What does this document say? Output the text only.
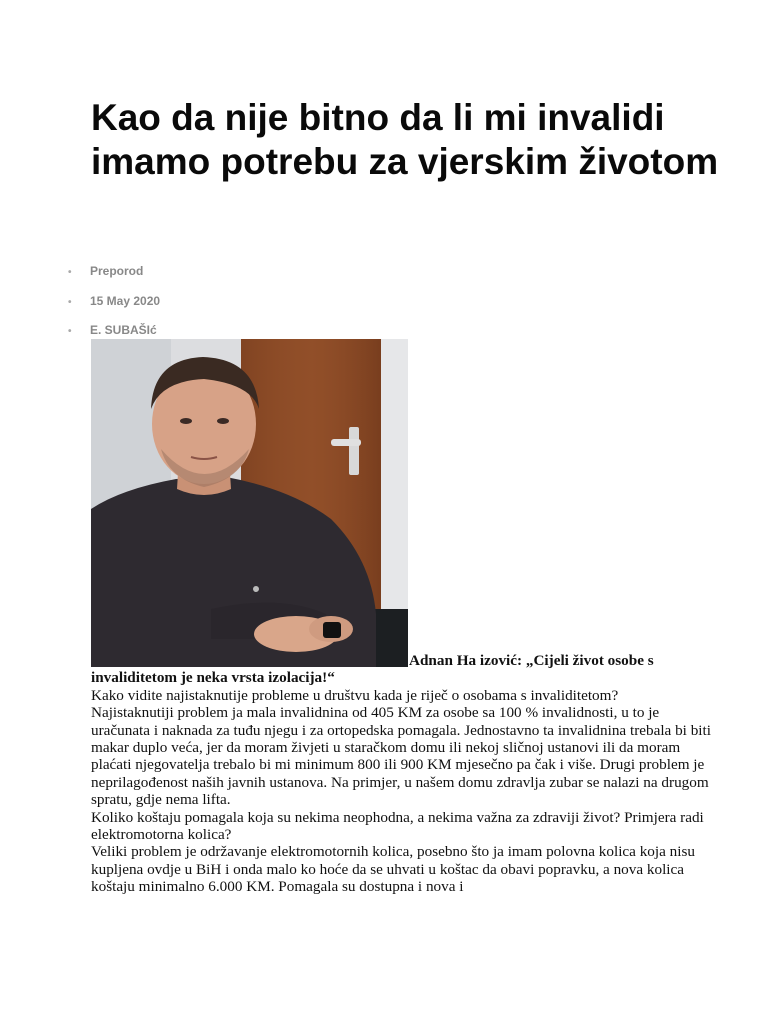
Kao da nije bitno da li mi invalidi imamo potrebu za vjerskim životom

• Preporod

• 15 May 2020

• E. SUBAŠIć

Adnan Ha izović: „Cijeli život osobe s
invaliditetom je neka vrsta izolacija!“
Kako vidite najistaknutije probleme u društvu kada je riječ o osobama s invaliditetom?
Najistaknutiji problem ja mala invalidnina od 405 KM za osobe sa 100 % invalidnosti, u to je uračunata i naknada za tuđu njegu i za ortopedska pomagala. Jednostavno ta invalidnina trebala bi biti makar duplo veća, jer da moram živjeti u staračkom domu ili nekoj sličnoj ustanovi ili da moram plaćati njegovatelja trebalo bi mi minimum 800 ili 900 KM mjesečno pa čak i više. Drugi problem je neprilagođenost naših javnih ustanova. Na primjer, u našem domu zdravlja zubar se nalazi na drugom spratu, gdje nema lifta.
Koliko koštaju pomagala koja su nekima neophodna, a nekima važna za zdraviji život? Primjera radi elektromotorna kolica?
Veliki problem je održavanje elektromotornih kolica, posebno što ja imam polovna kolica koja nisu kupljena ovdje u BiH i onda malo ko hoće da se uhvati u koštac da obavi popravku, a nova kolica koštaju minimalno 6.000 KM. Pomagala su dostupna i nova i
